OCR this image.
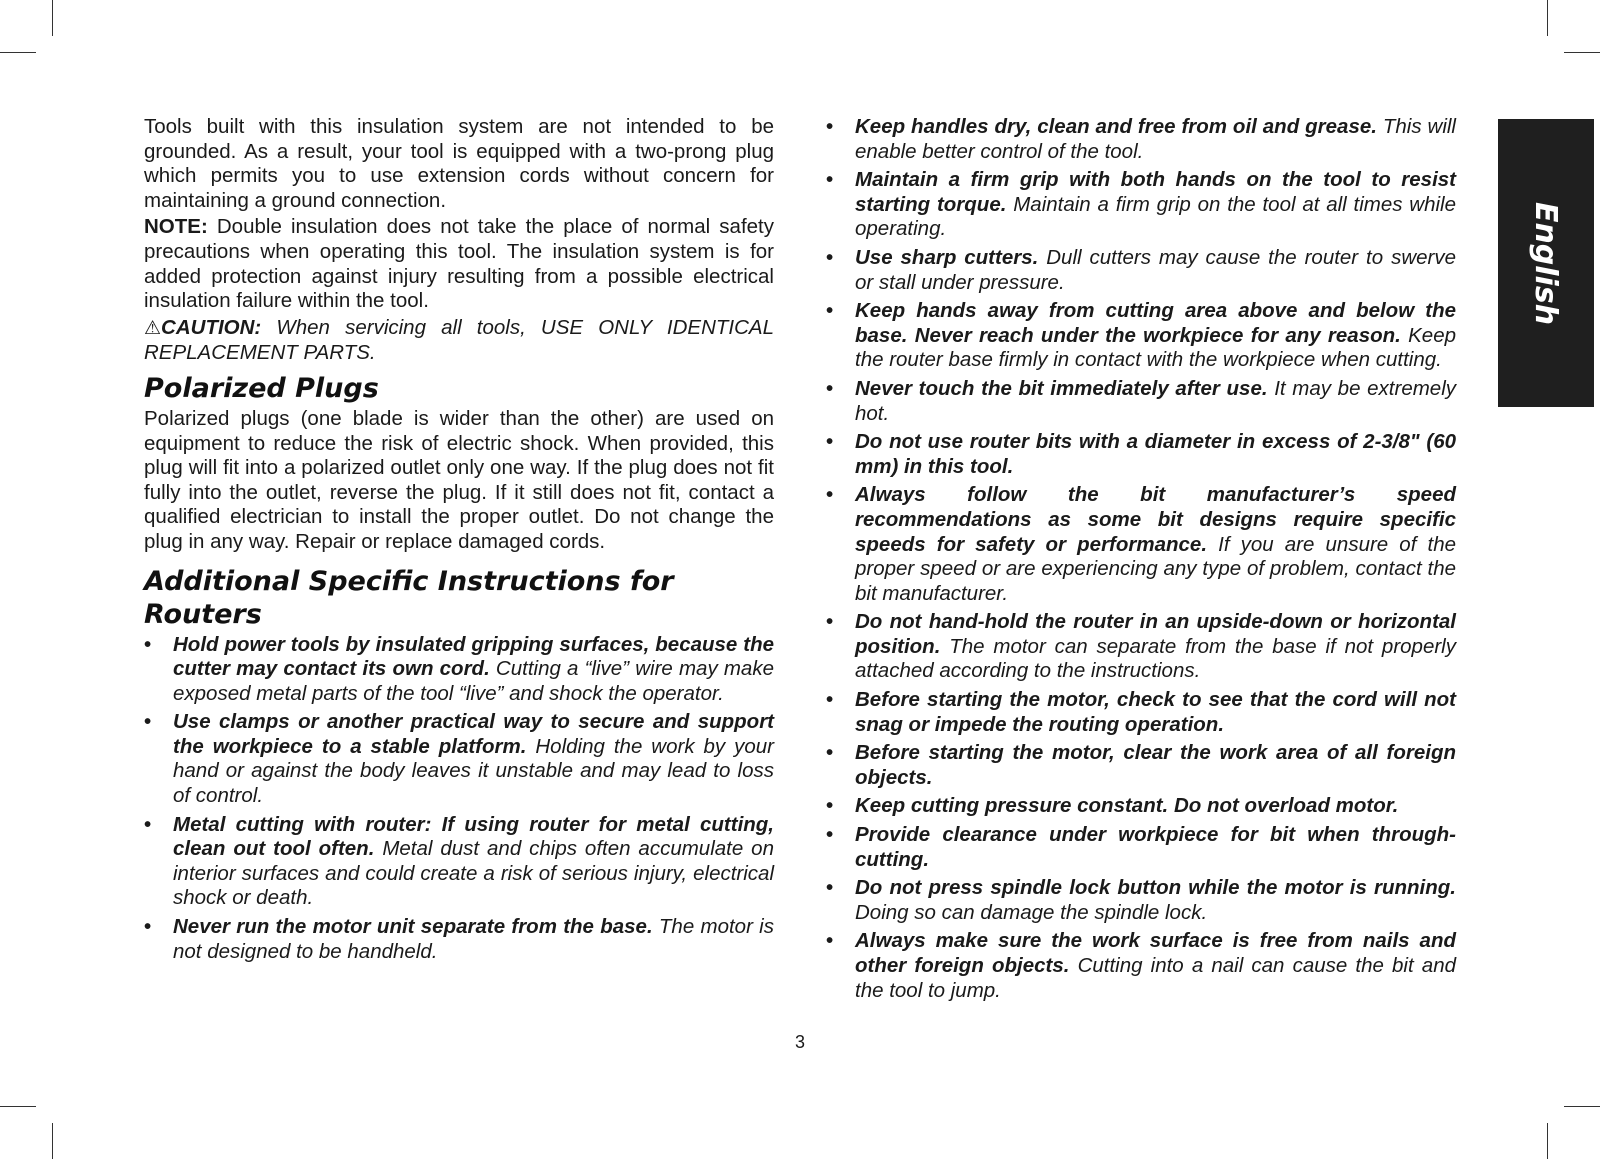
Tools built with this insulation system are not intended to be grounded. As a result, your tool is equipped with a two-prong plug which permits you to use extension cords without concern for maintaining a ground connection.

NOTE: Double insulation does not take the place of normal safety precautions when operating this tool. The insulation system is for added protection against injury resulting from a possible electrical insulation failure within the tool.

⚠CAUTION: When servicing all tools, USE ONLY IDENTICAL REPLACEMENT PARTS.

Polarized Plugs

Polarized plugs (one blade is wider than the other) are used on equipment to reduce the risk of electric shock. When provided, this plug will fit into a polarized outlet only one way. If the plug does not fit fully into the outlet, reverse the plug. If it still does not fit, contact a qualified electrician to install the proper outlet. Do not change the plug in any way. Repair or replace damaged cords.

Additional Specific Instructions for Routers
• Hold power tools by insulated gripping surfaces, because the cutter may contact its own cord. Cutting a “live” wire may make exposed metal parts of the tool “live” and shock the operator.
• Use clamps or another practical way to secure and support the workpiece to a stable platform. Holding the work by your hand or against the body leaves it unstable and may lead to loss of control.
• Metal cutting with router: If using router for metal cutting, clean out tool often. Metal dust and chips often accumulate on interior surfaces and could create a risk of serious injury, electrical shock or death.
• Never run the motor unit separate from the base. The motor is not designed to be handheld.
• Keep handles dry, clean and free from oil and grease. This will enable better control of the tool.
• Maintain a firm grip with both hands on the tool to resist starting torque. Maintain a firm grip on the tool at all times while operating.
• Use sharp cutters. Dull cutters may cause the router to swerve or stall under pressure.
• Keep hands away from cutting area above and below the base. Never reach under the workpiece for any reason. Keep the router base firmly in contact with the workpiece when cutting.
• Never touch the bit immediately after use. It may be extremely hot.
• Do not use router bits with a diameter in excess of 2-3/8" (60 mm) in this tool.
• Always follow the bit manufacturer’s speed recommendations as some bit designs require specific speeds for safety or performance. If you are unsure of the proper speed or are experiencing any type of problem, contact the bit manufacturer.
• Do not hand-hold the router in an upside-down or horizontal position. The motor can separate from the base if not properly attached according to the instructions.
• Before starting the motor, check to see that the cord will not snag or impede the routing operation.
• Before starting the motor, clear the work area of all foreign objects.
• Keep cutting pressure constant. Do not overload motor.
• Provide clearance under workpiece for bit when through-cutting.
• Do not press spindle lock button while the motor is running. Doing so can damage the spindle lock.
• Always make sure the work surface is free from nails and other foreign objects. Cutting into a nail can cause the bit and the tool to jump.
3
English
